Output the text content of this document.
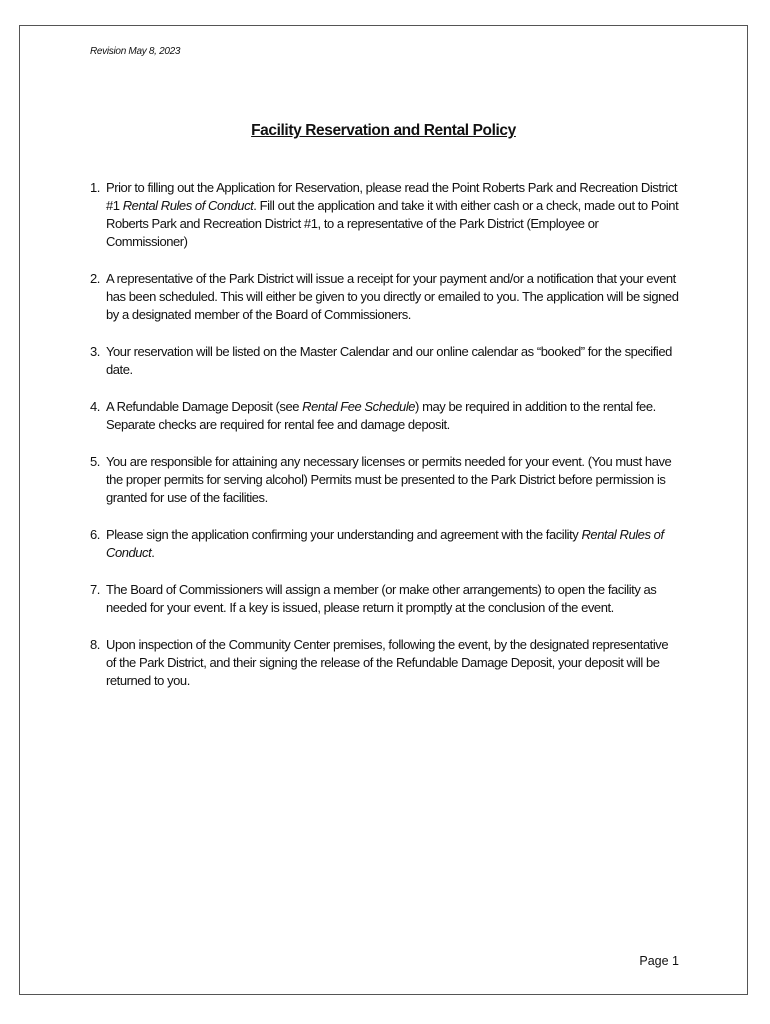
Revision May 8, 2023
Facility Reservation and Rental Policy
1. Prior to filling out the Application for Reservation, please read the Point Roberts Park and Recreation District #1 Rental Rules of Conduct. Fill out the application and take it with either cash or a check, made out to Point Roberts Park and Recreation District #1, to a representative of the Park District (Employee or Commissioner)
2. A representative of the Park District will issue a receipt for your payment and/or a notification that your event has been scheduled. This will either be given to you directly or emailed to you. The application will be signed by a designated member of the Board of Commissioners.
3. Your reservation will be listed on the Master Calendar and our online calendar as “booked” for the specified date.
4. A Refundable Damage Deposit (see Rental Fee Schedule) may be required in addition to the rental fee. Separate checks are required for rental fee and damage deposit.
5. You are responsible for attaining any necessary licenses or permits needed for your event. (You must have the proper permits for serving alcohol) Permits must be presented to the Park District before permission is granted for use of the facilities.
6. Please sign the application confirming your understanding and agreement with the facility Rental Rules of Conduct.
7. The Board of Commissioners will assign a member (or make other arrangements) to open the facility as needed for your event. If a key is issued, please return it promptly at the conclusion of the event.
8. Upon inspection of the Community Center premises, following the event, by the designated representative of the Park District, and their signing the release of the Refundable Damage Deposit, your deposit will be returned to you.
Page 1
